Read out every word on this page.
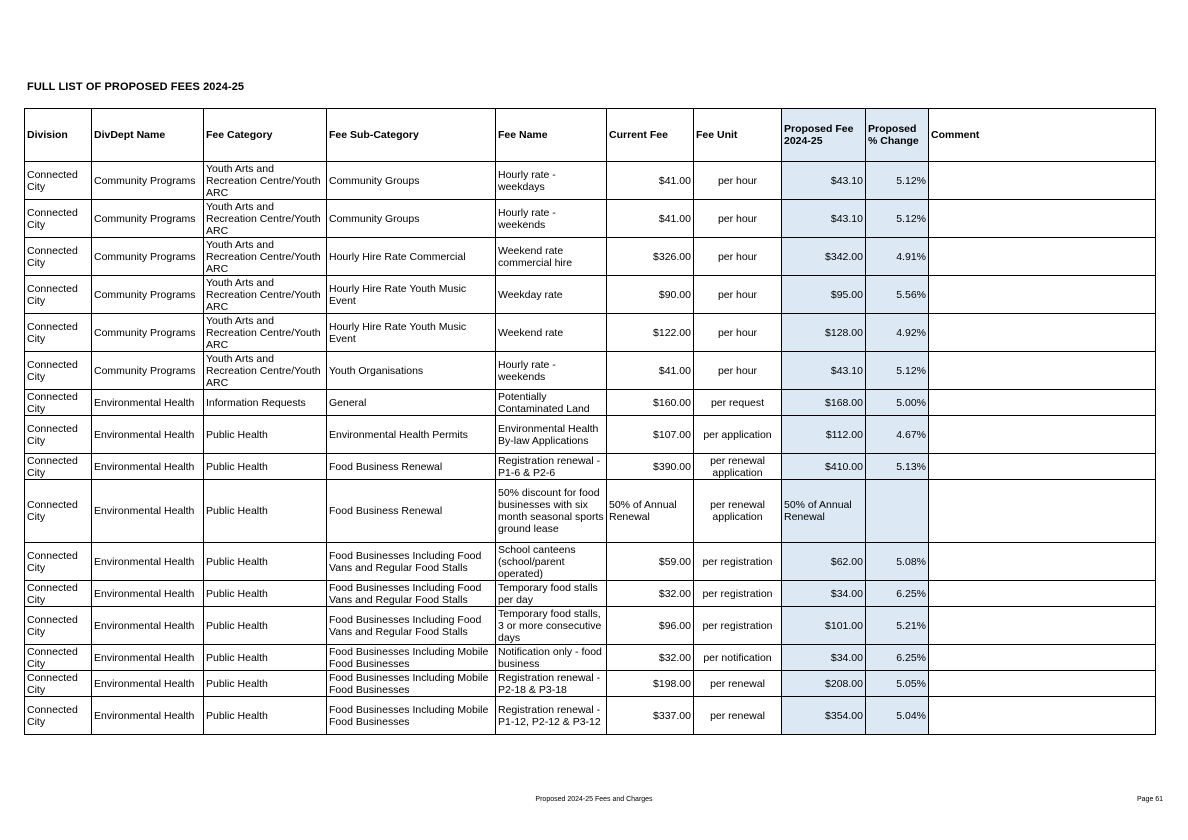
FULL LIST OF PROPOSED FEES 2024-25
Division	DivDept Name	Fee Category	Fee Sub-Category	Fee Name	Current Fee	Fee Unit	Proposed Fee 2024-25	Proposed % Change	Comment
Connected City	Community Programs	Youth Arts and Recreation Centre/Youth ARC	Community Groups	Hourly rate - weekdays	$41.00	per hour	$43.10	5.12%	
Connected City	Community Programs	Youth Arts and Recreation Centre/Youth ARC	Community Groups	Hourly rate - weekends	$41.00	per hour	$43.10	5.12%	
Connected City	Community Programs	Youth Arts and Recreation Centre/Youth ARC	Hourly Hire Rate Commercial	Weekend rate commercial hire	$326.00	per hour	$342.00	4.91%	
Connected City	Community Programs	Youth Arts and Recreation Centre/Youth ARC	Hourly Hire Rate Youth Music Event	Weekday rate	$90.00	per hour	$95.00	5.56%	
Connected City	Community Programs	Youth Arts and Recreation Centre/Youth ARC	Hourly Hire Rate Youth Music Event	Weekend rate	$122.00	per hour	$128.00	4.92%	
Connected City	Community Programs	Youth Arts and Recreation Centre/Youth ARC	Youth Organisations	Hourly rate - weekends	$41.00	per hour	$43.10	5.12%	
Connected City	Environmental Health	Information Requests	General	Potentially Contaminated Land	$160.00	per request	$168.00	5.00%	
Connected City	Environmental Health	Public Health	Environmental Health Permits	Environmental Health By-law Applications	$107.00	per application	$112.00	4.67%	
Connected City	Environmental Health	Public Health	Food Business Renewal	Registration renewal - P1-6 & P2-6	$390.00	per renewal application	$410.00	5.13%	
Connected City	Environmental Health	Public Health	Food Business Renewal	50% discount for food businesses with six month seasonal sports ground lease	50% of Annual Renewal	per renewal application	50% of Annual Renewal		
Connected City	Environmental Health	Public Health	Food Businesses Including Food Vans and Regular Food Stalls	School canteens (school/parent operated)	$59.00	per registration	$62.00	5.08%	
Connected City	Environmental Health	Public Health	Food Businesses Including Food Vans and Regular Food Stalls	Temporary food stalls per day	$32.00	per registration	$34.00	6.25%	
Connected City	Environmental Health	Public Health	Food Businesses Including Food Vans and Regular Food Stalls	Temporary food stalls, 3 or more consecutive days	$96.00	per registration	$101.00	5.21%	
Connected City	Environmental Health	Public Health	Food Businesses Including Mobile Food Businesses	Notification only - food business	$32.00	per notification	$34.00	6.25%	
Connected City	Environmental Health	Public Health	Food Businesses Including Mobile Food Businesses	Registration renewal - P2-18 & P3-18	$198.00	per renewal	$208.00	5.05%	
Connected City	Environmental Health	Public Health	Food Businesses Including Mobile Food Businesses	Registration renewal - P1-12, P2-12 & P3-12	$337.00	per renewal	$354.00	5.04%	
Proposed 2024-25 Fees and Charges	Page 61
